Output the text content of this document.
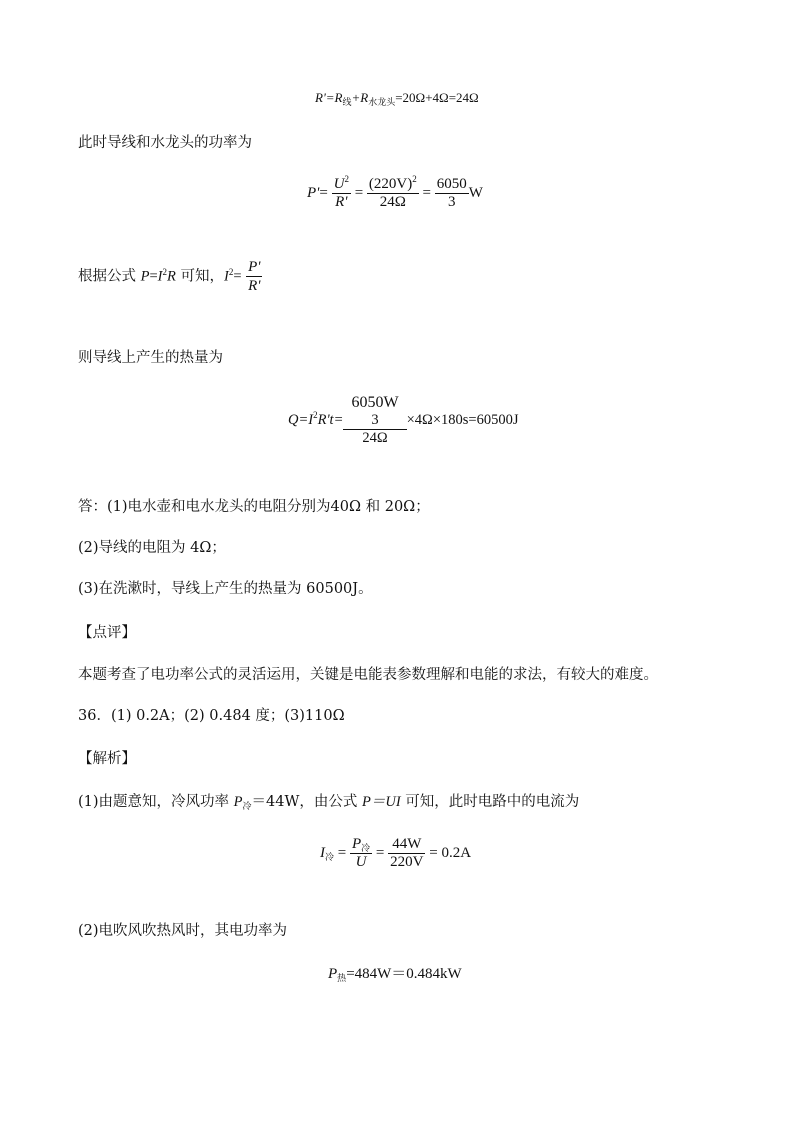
$R'=R_线+R_{水龙头}=20\Omega+4\Omega=24\Omega$
此时导线和水龙头的功率为
$P'= \frac{U^2}{R'} = \frac{(220V)^2}{24\Omega} = \frac{6050}{3}$ W
根据公式 $P=I^2R$ 可知，$I^2= \frac{P'}{R'}$
则导线上产生的热量为
$Q=I^2R't=$
6050W
3
24Ω
×4Ω×180s=60500J
答：(1)电水壶和电水龙头的电阻分别为40Ω 和 20Ω；
(2)导线的电阻为 4Ω；
(3)在洗漱时，导线上产生的热量为 60500J。
【点评】
本题考查了电功率公式的灵活运用，关键是电能表参数理解和电能的求法，有较大的难度。
36．(1) 0.2A；(2) 0.484 度；(3)110Ω
【解析】
(1)由题意知，冷风功率 $P_冷=44W$，由公式 P＝UI 可知，此时电路中的电流为
$I_冷 = \frac{P_冷}{U} = \frac{44W}{220V} = 0.2A$
(2)电吹风吹热风时，其电功率为
$P_热=484W=0.484kW$
